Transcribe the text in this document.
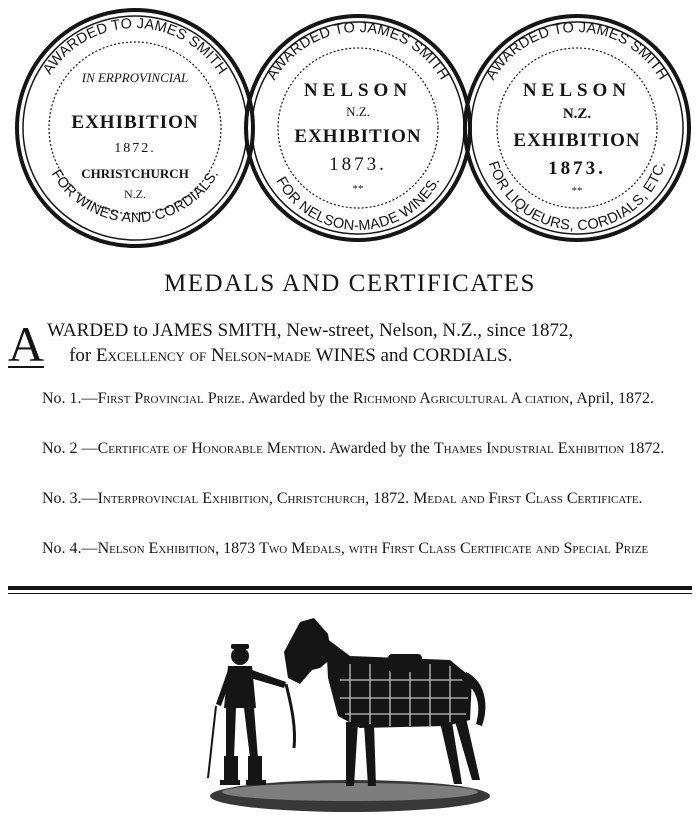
AWARDED TO JAMES SMITH
FOR WINES AND CORDIALS.
IN ERPROVINCIAL
EXHIBITION
1872.
CHRISTCHURCH
N.Z.
AWARDED TO JAMES SMITH
FOR NELSON-MADE WINES.
NELSON
N.Z.
EXHIBITION
1873.
**
AWARDED TO JAMES SMITH
FOR LIQUEURS, CORDIALS, ETC.
NELSON
N.Z.
EXHIBITION
1873.
**
MEDALS AND CERTIFICATES
A WARDED to JAMES SMITH, New-street, Nelson, N.Z., since 1872,
for Excellency of Nelson-made WINES and CORDIALS.
No. 1.—First Provincial Prize. Awarded by the Richmond Agricultural A ciation, April, 1872.
No. 2 —Certificate of Honorable Mention. Awarded by the Thames Industrial Exhibition 1872.
No. 3.—Interprovincial Exhibition, Christchurch, 1872. Medal and First Class Certificate.
No. 4.—Nelson Exhibition, 1873 Two Medals, with First Class Certificate and Special Prize
